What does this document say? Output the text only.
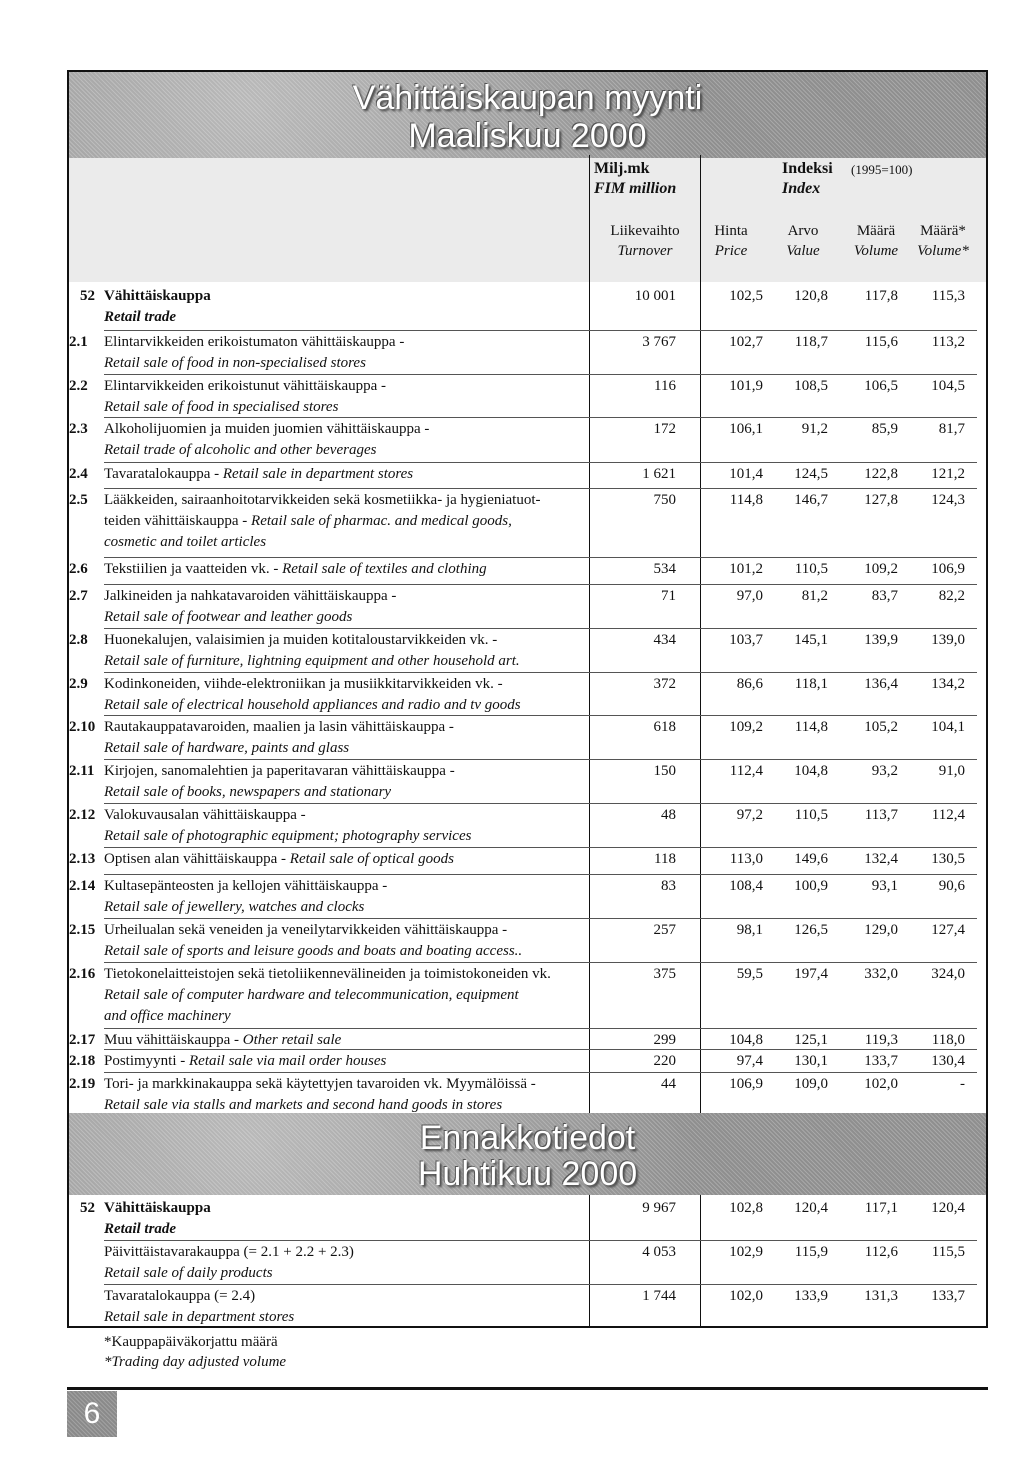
Vähittäiskaupan myynti
Maaliskuu 2000
Milj.mk
FIM million
Indeksi (1995=100)
Index
Liikevaihto
Turnover
Hinta
Price
Arvo
Value
Määrä
Volume
Määrä*
Volume*
52 Vähittäiskauppa
Retail trade
10 001	102,5	120,8	117,8	115,3
2.1 Elintarvikkeiden erikoistumaton vähittäiskauppa -
Retail sale of food in non-specialised stores
3 767	102,7	118,7	115,6	113,2
2.2 Elintarvikkeiden erikoistunut vähittäiskauppa -
Retail sale of food in specialised stores
116	101,9	108,5	106,5	104,5
2.3 Alkoholijuomien ja muiden juomien vähittäiskauppa -
Retail trade of alcoholic and other beverages
172	106,1	91,2	85,9	81,7
2.4 Tavaratalokauppa - Retail sale in department stores	1 621	101,4	124,5	122,8	121,2
2.5 Lääkkeiden, sairaanhoitotarvikkeiden sekä kosmetiikka- ja hygieniatuot-
teiden vähittäiskauppa - Retail sale of pharmac. and medical goods,
cosmetic and toilet articles
750	114,8	146,7	127,8	124,3
2.6 Tekstiilien ja vaatteiden vk. - Retail sale of textiles and clothing	534	101,2	110,5	109,2	106,9
2.7 Jalkineiden ja nahkatavaroiden vähittäiskauppa -
Retail sale of footwear and leather goods
71	97,0	81,2	83,7	82,2
2.8 Huonekalujen, valaisimien ja muiden kotitaloustarvikkeiden vk. -
Retail sale of furniture, lightning equipment and other household art.
434	103,7	145,1	139,9	139,0
2.9 Kodinkoneiden, viihde-elektroniikan ja musiikkitarvikkeiden vk. -
Retail sale of electrical household appliances and radio and tv goods
372	86,6	118,1	136,4	134,2
2.10 Rautakauppatavaroiden, maalien ja lasin vähittäiskauppa -
Retail sale of hardware, paints and glass
618	109,2	114,8	105,2	104,1
2.11 Kirjojen, sanomalehtien ja paperitavaran vähittäiskauppa -
Retail sale of books, newspapers and stationary
150	112,4	104,8	93,2	91,0
2.12 Valokuvausalan vähittäiskauppa -
Retail sale of photographic equipment; photography services
48	97,2	110,5	113,7	112,4
2.13 Optisen alan vähittäiskauppa - Retail sale of optical goods	118	113,0	149,6	132,4	130,5
2.14 Kultasepänteosten ja kellojen vähittäiskauppa -
Retail sale of jewellery, watches and clocks
83	108,4	100,9	93,1	90,6
2.15 Urheilualan sekä veneiden ja veneilytarvikkeiden vähittäiskauppa -
Retail sale of sports and leisure goods and boats and boating access..
257	98,1	126,5	129,0	127,4
2.16 Tietokonelaitteistojen sekä tietoliikennevälineiden ja toimistokoneiden vk.
Retail sale of computer hardware and telecommunication, equipment
and office machinery
375	59,5	197,4	332,0	324,0
2.17 Muu vähittäiskauppa - Other retail sale	299	104,8	125,1	119,3	118,0
2.18 Postimyynti - Retail sale via mail order houses	220	97,4	130,1	133,7	130,4
2.19 Tori- ja markkinakauppa sekä käytettyjen tavaroiden vk. Myymälöissä -
Retail sale via stalls and markets and second hand goods in stores
44	106,9	109,0	102,0	-
Ennakkotiedot
Huhtikuu 2000
52 Vähittäiskauppa
Retail trade
9 967	102,8	120,4	117,1	120,4
Päivittäistavarakauppa (= 2.1 + 2.2 + 2.3)
Retail sale of daily products
4 053	102,9	115,9	112,6	115,5
Tavaratalokauppa (= 2.4)
Retail sale in department stores
1 744	102,0	133,9	131,3	133,7
*Kauppapäiväkorjattu määrä
*Trading day adjusted volume
6
